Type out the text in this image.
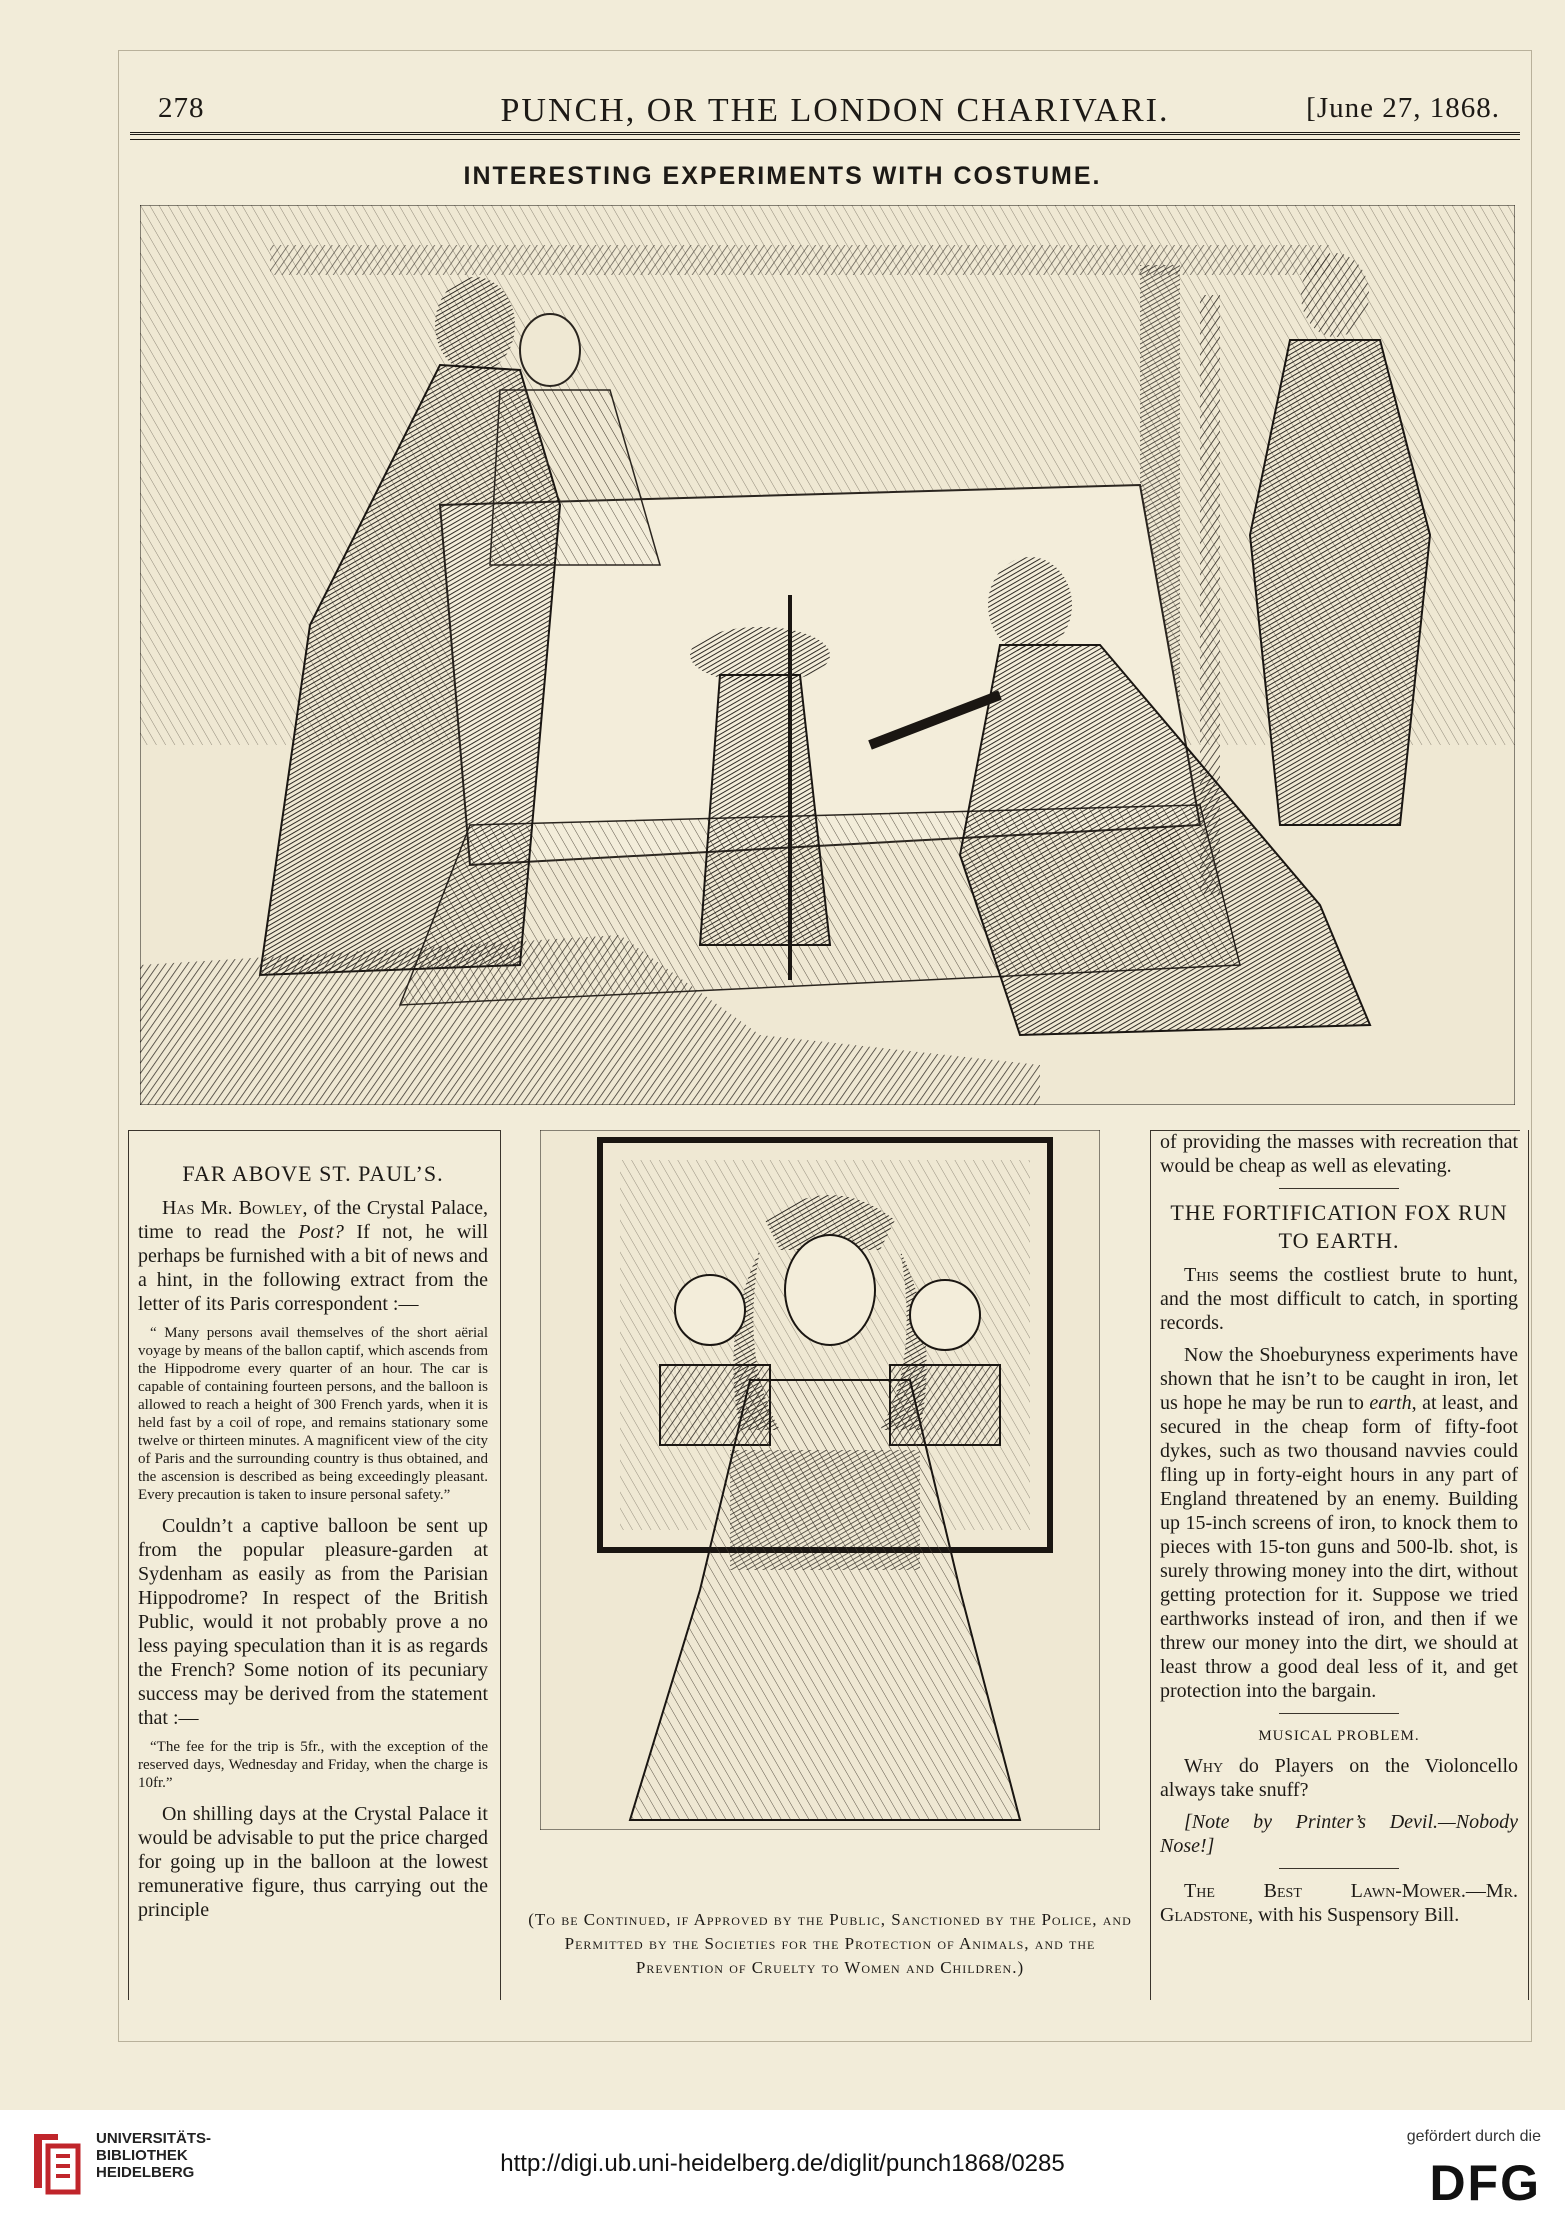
278	PUNCH, OR THE LONDON CHARIVARI.	[June 27, 1868.
INTERESTING EXPERIMENTS WITH COSTUME.
FAR ABOVE ST. PAUL’S.

Has Mr. Bowley, of the Crystal Palace, time to read the Post? If not, he will perhaps be furnished with a bit of news and a hint, in the following extract from the letter of its Paris correspondent :—

“ Many persons avail themselves of the short aërial voyage by means of the ballon captif, which ascends from the Hippodrome every quarter of an hour. The car is capable of containing fourteen persons, and the balloon is allowed to reach a height of 300 French yards, when it is held fast by a coil of rope, and remains stationary some twelve or thirteen minutes. A magnificent view of the city of Paris and the surrounding country is thus obtained, and the ascension is described as being exceedingly pleasant. Every precaution is taken to insure personal safety.”

Couldn’t a captive balloon be sent up from the popular pleasure-garden at Sydenham as easily as from the Parisian Hippodrome? In respect of the British Public, would it not probably prove a no less paying speculation than it is as regards the French? Some notion of its pecuniary success may be derived from the statement that :—

“The fee for the trip is 5fr., with the exception of the reserved days, Wednesday and Friday, when the charge is 10fr.”

On shilling days at the Crystal Palace it would be advisable to put the price charged for going up in the balloon at the lowest remunerative figure, thus carrying out the principle	(To be Continued, if Approved by the Public, Sanctioned by the Police, and Permitted by the Societies for the Protection of Animals, and the Prevention of Cruelty to Women and Children.)

of providing the masses with recreation that would be cheap as well as elevating.

THE FORTIFICATION FOX RUN TO EARTH.

This seems the costliest brute to hunt, and the most difficult to catch, in sporting records.

Now the Shoeburyness experiments have shown that he isn’t to be caught in iron, let us hope he may be run to earth, at least, and secured in the cheap form of fifty-foot dykes, such as two thousand navvies could fling up in forty-eight hours in any part of England threatened by an enemy. Building up 15-inch screens of iron, to knock them to pieces with 15-ton guns and 500-lb. shot, is surely throwing money into the dirt, without getting protection for it. Suppose we tried earthworks instead of iron, and then if we threw our money into the dirt, we should at least throw a good deal less of it, and get protection into the bargain.

MUSICAL PROBLEM.

Why do Players on the Violoncello always take snuff?

[Note by Printer’s Devil.—Nobody Nose!]

The Best Lawn-Mower.—Mr. Gladstone, with his Suspensory Bill.

UNIVERSITÄTS-
BIBLIOTHEK
HEIDELBERG	http://digi.ub.uni-heidelberg.de/diglit/punch1868/0285
gefördert durch die
DFG
